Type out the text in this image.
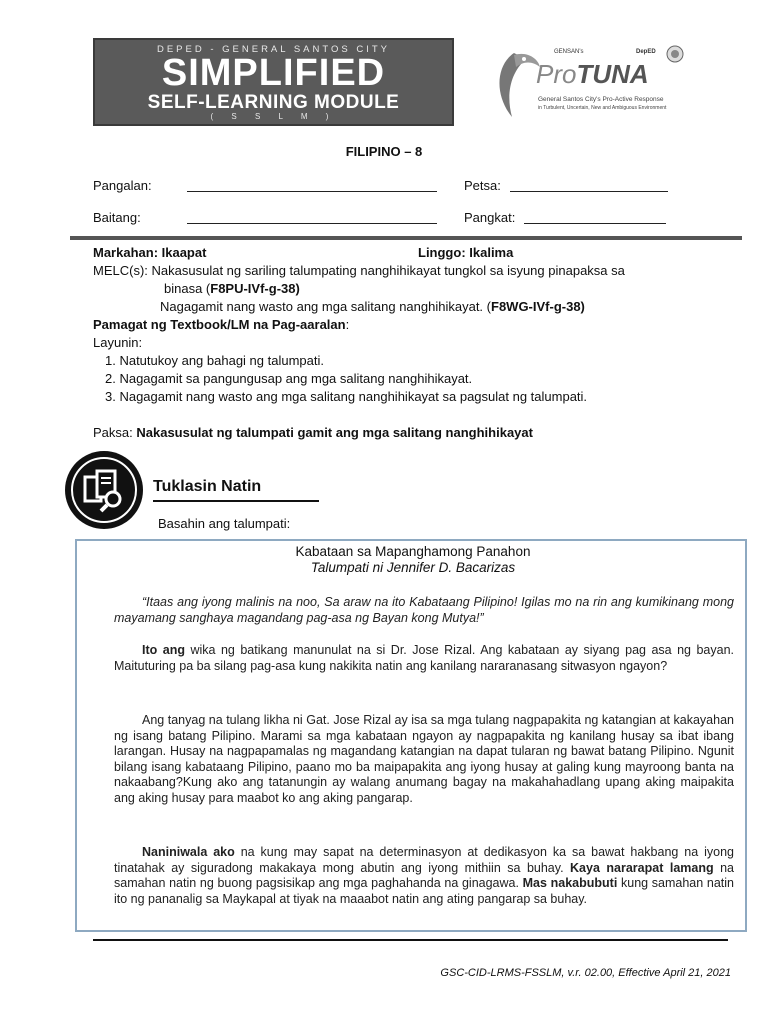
DEPED - GENERAL SANTOS CITY
SIMPLIFIED
SELF-LEARNING MODULE
( S S L M )
GENSAN's	DepED
ProTUNA
General Santos City's Pro-Active Response
in Turbulent, Uncertain, New and Ambiguous Environment
FILIPINO – 8
Pangalan:	Petsa:
Baitang:	Pangkat:
Markahan: Ikaapat	Linggo: Ikalima
MELC(s): Nakasusulat ng sariling talumpating nanghihikayat tungkol sa isyung pinapaksa sa
binasa (F8PU-IVf-g-38)
Nagagamit nang wasto ang mga salitang nanghihikayat. (F8WG-IVf-g-38)
Pamagat ng Textbook/LM na Pag-aaralan:
Layunin:
1. Natutukoy ang bahagi ng talumpati.
2. Nagagamit sa pangungusap ang mga salitang nanghihikayat.
3. Nagagamit nang wasto ang mga salitang nanghihikayat sa pagsulat ng talumpati.
Paksa: Nakasusulat ng talumpati gamit ang mga salitang nanghihikayat
Tuklasin Natin
Basahin ang talumpati:
Kabataan sa Mapanghamong Panahon
Talumpati ni Jennifer D. Bacarizas
“Itaas ang iyong malinis na noo, Sa araw na ito Kabataang Pilipino! Igilas mo na rin ang kumikinang mong mayamang sanghaya magandang pag-asa ng Bayan kong Mutya!”
Ito ang wika ng batikang manunulat na si Dr. Jose Rizal. Ang kabataan ay siyang pag asa ng bayan. Maituturing pa ba silang pag-asa kung nakikita natin ang kanilang nararanasang sitwasyon ngayon?
Ang tanyag na tulang likha ni Gat. Jose Rizal ay isa sa mga tulang nagpapakita ng katangian at kakayahan ng isang batang Pilipino. Marami sa mga kabataan ngayon ay nagpapakita ng kanilang husay sa ibat ibang larangan. Husay na nagpapamalas ng magandang katangian na dapat tularan ng bawat batang Pilipino. Ngunit bilang isang kabataang Pilipino, paano mo ba maipapakita ang iyong husay at galing kung mayroong banta na nakaabang?Kung ako ang tatanungin ay walang anumang bagay na makahahadlang upang aking maipakita ang aking husay para maabot ko ang aking pangarap.
Naniniwala ako na kung may sapat na determinasyon at dedikasyon ka sa bawat hakbang na iyong tinatahak ay siguradong makakaya mong abutin ang iyong mithiin sa buhay. Kaya nararapat lamang na samahan natin ng buong pagsisikap ang mga paghahanda na ginagawa. Mas nakabubuti kung samahan natin ito ng pananalig sa Maykapal at tiyak na maaabot natin ang ating pangarap sa buhay.
GSC-CID-LRMS-FSSLM, v.r. 02.00, Effective April 21, 2021
